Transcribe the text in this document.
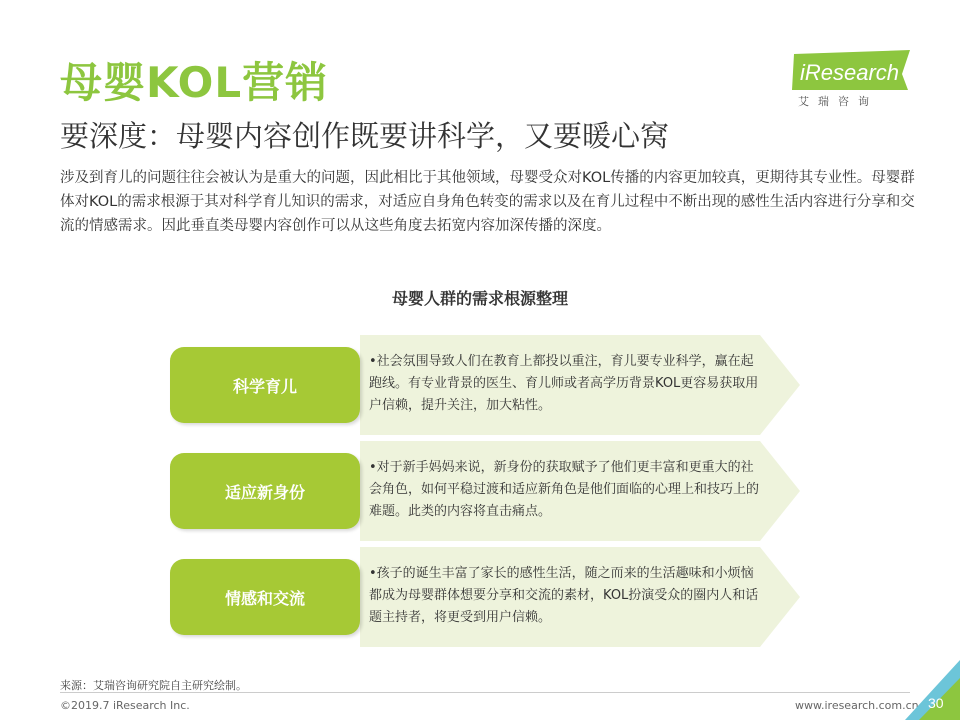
母婴KOL营销
要深度：母婴内容创作既要讲科学，又要暖心窝
iResearch
艾瑞咨询
涉及到育儿的问题往往会被认为是重大的问题，因此相比于其他领域，母婴受众对KOL传播的内容更加较真，更期待其专业性。母婴群体对KOL的需求根源于其对科学育儿知识的需求，对适应自身角色转变的需求以及在育儿过程中不断出现的感性生活内容进行分享和交流的情感需求。因此垂直类母婴内容创作可以从这些角度去拓宽内容加深传播的深度。
母婴人群的需求根源整理
科学育儿
•社会氛围导致人们在教育上都投以重注，育儿要专业科学，赢在起跑线。有专业背景的医生、育儿师或者高学历背景KOL更容易获取用户信赖，提升关注，加大粘性。
适应新身份
•对于新手妈妈来说，新身份的获取赋予了他们更丰富和更重大的社会角色，如何平稳过渡和适应新角色是他们面临的心理上和技巧上的难题。此类的内容将直击痛点。
情感和交流
•孩子的诞生丰富了家长的感性生活，随之而来的生活趣味和小烦恼都成为母婴群体想要分享和交流的素材，KOL扮演受众的圈内人和话题主持者，将更受到用户信赖。
来源：艾瑞咨询研究院自主研究绘制。
©2019.7 iResearch Inc.	www.iresearch.com.cn 30
